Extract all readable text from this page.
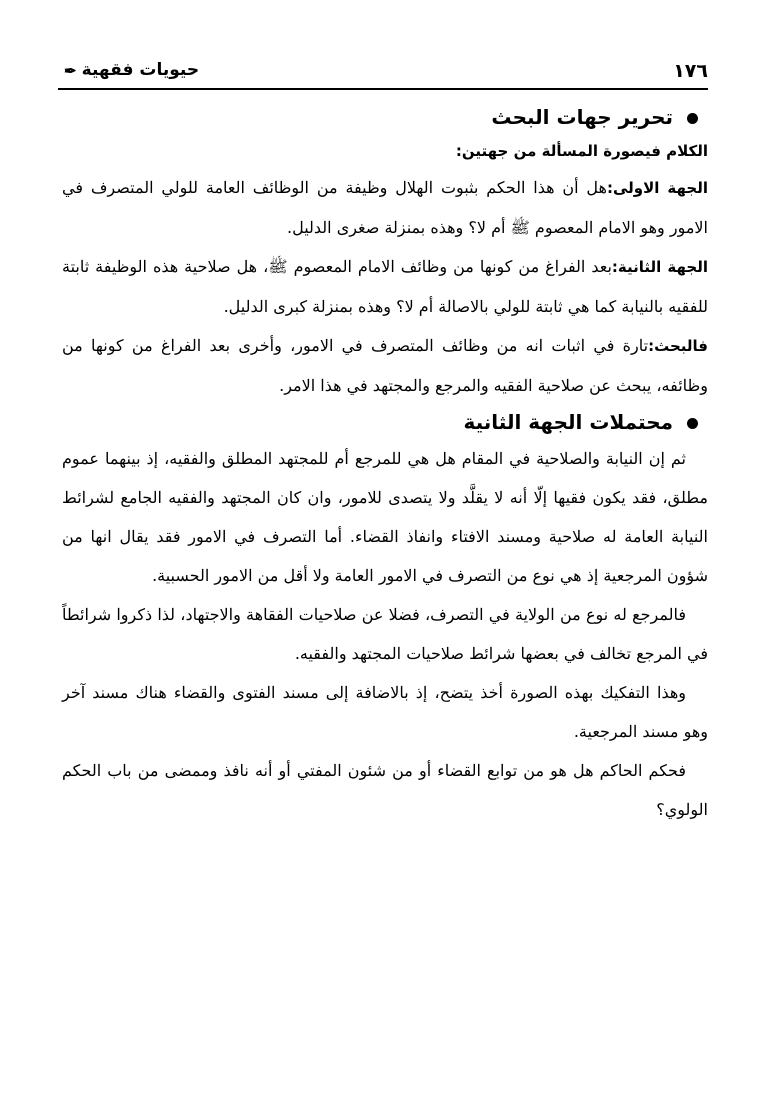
١٧٦
حيويات فقهية ✒
تحرير جهات البحث

الكلام فيصورة المسألة من جهتين:

الجهة الاولى:هل أن هذا الحكم بثبوت الهلال وظيفة من الوظائف العامة للولي المتصرف في الامور وهو الامام المعصوم ﷺ أم لا؟ وهذه بمنزلة صغرى الدليل.

الجهة الثانية:بعد الفراغ من كونها من وظائف الامام المعصوم ﷺ، هل صلاحية هذه الوظيفة ثابتة للفقيه بالنيابة كما هي ثابتة للولي بالاصالة أم لا؟ وهذه بمنزلة كبرى الدليل.

فالبحث:تارة في اثبات انه من وظائف المتصرف في الامور، وأخرى بعد الفراغ من كونها من وظائفه، يبحث عن صلاحية الفقيه والمرجع والمجتهد في هذا الامر.

محتملات الجهة الثانية

ثم إن النيابة والصلاحية في المقام هل هي للمرجع أم للمجتهد المطلق والفقيه، إذ بينهما عموم مطلق، فقد يكون فقيها إلّا أنه لا يقلَّد ولا يتصدى للامور، وان كان المجتهد والفقيه الجامع لشرائط النيابة العامة له صلاحية ومسند الافتاء وانفاذ القضاء. أما التصرف في الامور فقد يقال انها من شؤون المرجعية إذ هي نوع من التصرف في الامور العامة ولا أقل من الامور الحسبية.

فالمرجع له نوع من الولاية في التصرف، فضلا عن صلاحيات الفقاهة والاجتهاد، لذا ذكروا شرائطاً في المرجع تخالف في بعضها شرائط صلاحيات المجتهد والفقيه.

وهذا التفكيك بهذه الصورة أخذ يتضح، إذ بالاضافة إلى مسند الفتوى والقضاء هناك مسند آخر وهو مسند المرجعية.

فحكم الحاكم هل هو من توابع القضاء أو من شئون المفتي أو أنه نافذ وممضى من باب الحكم الولوي؟
